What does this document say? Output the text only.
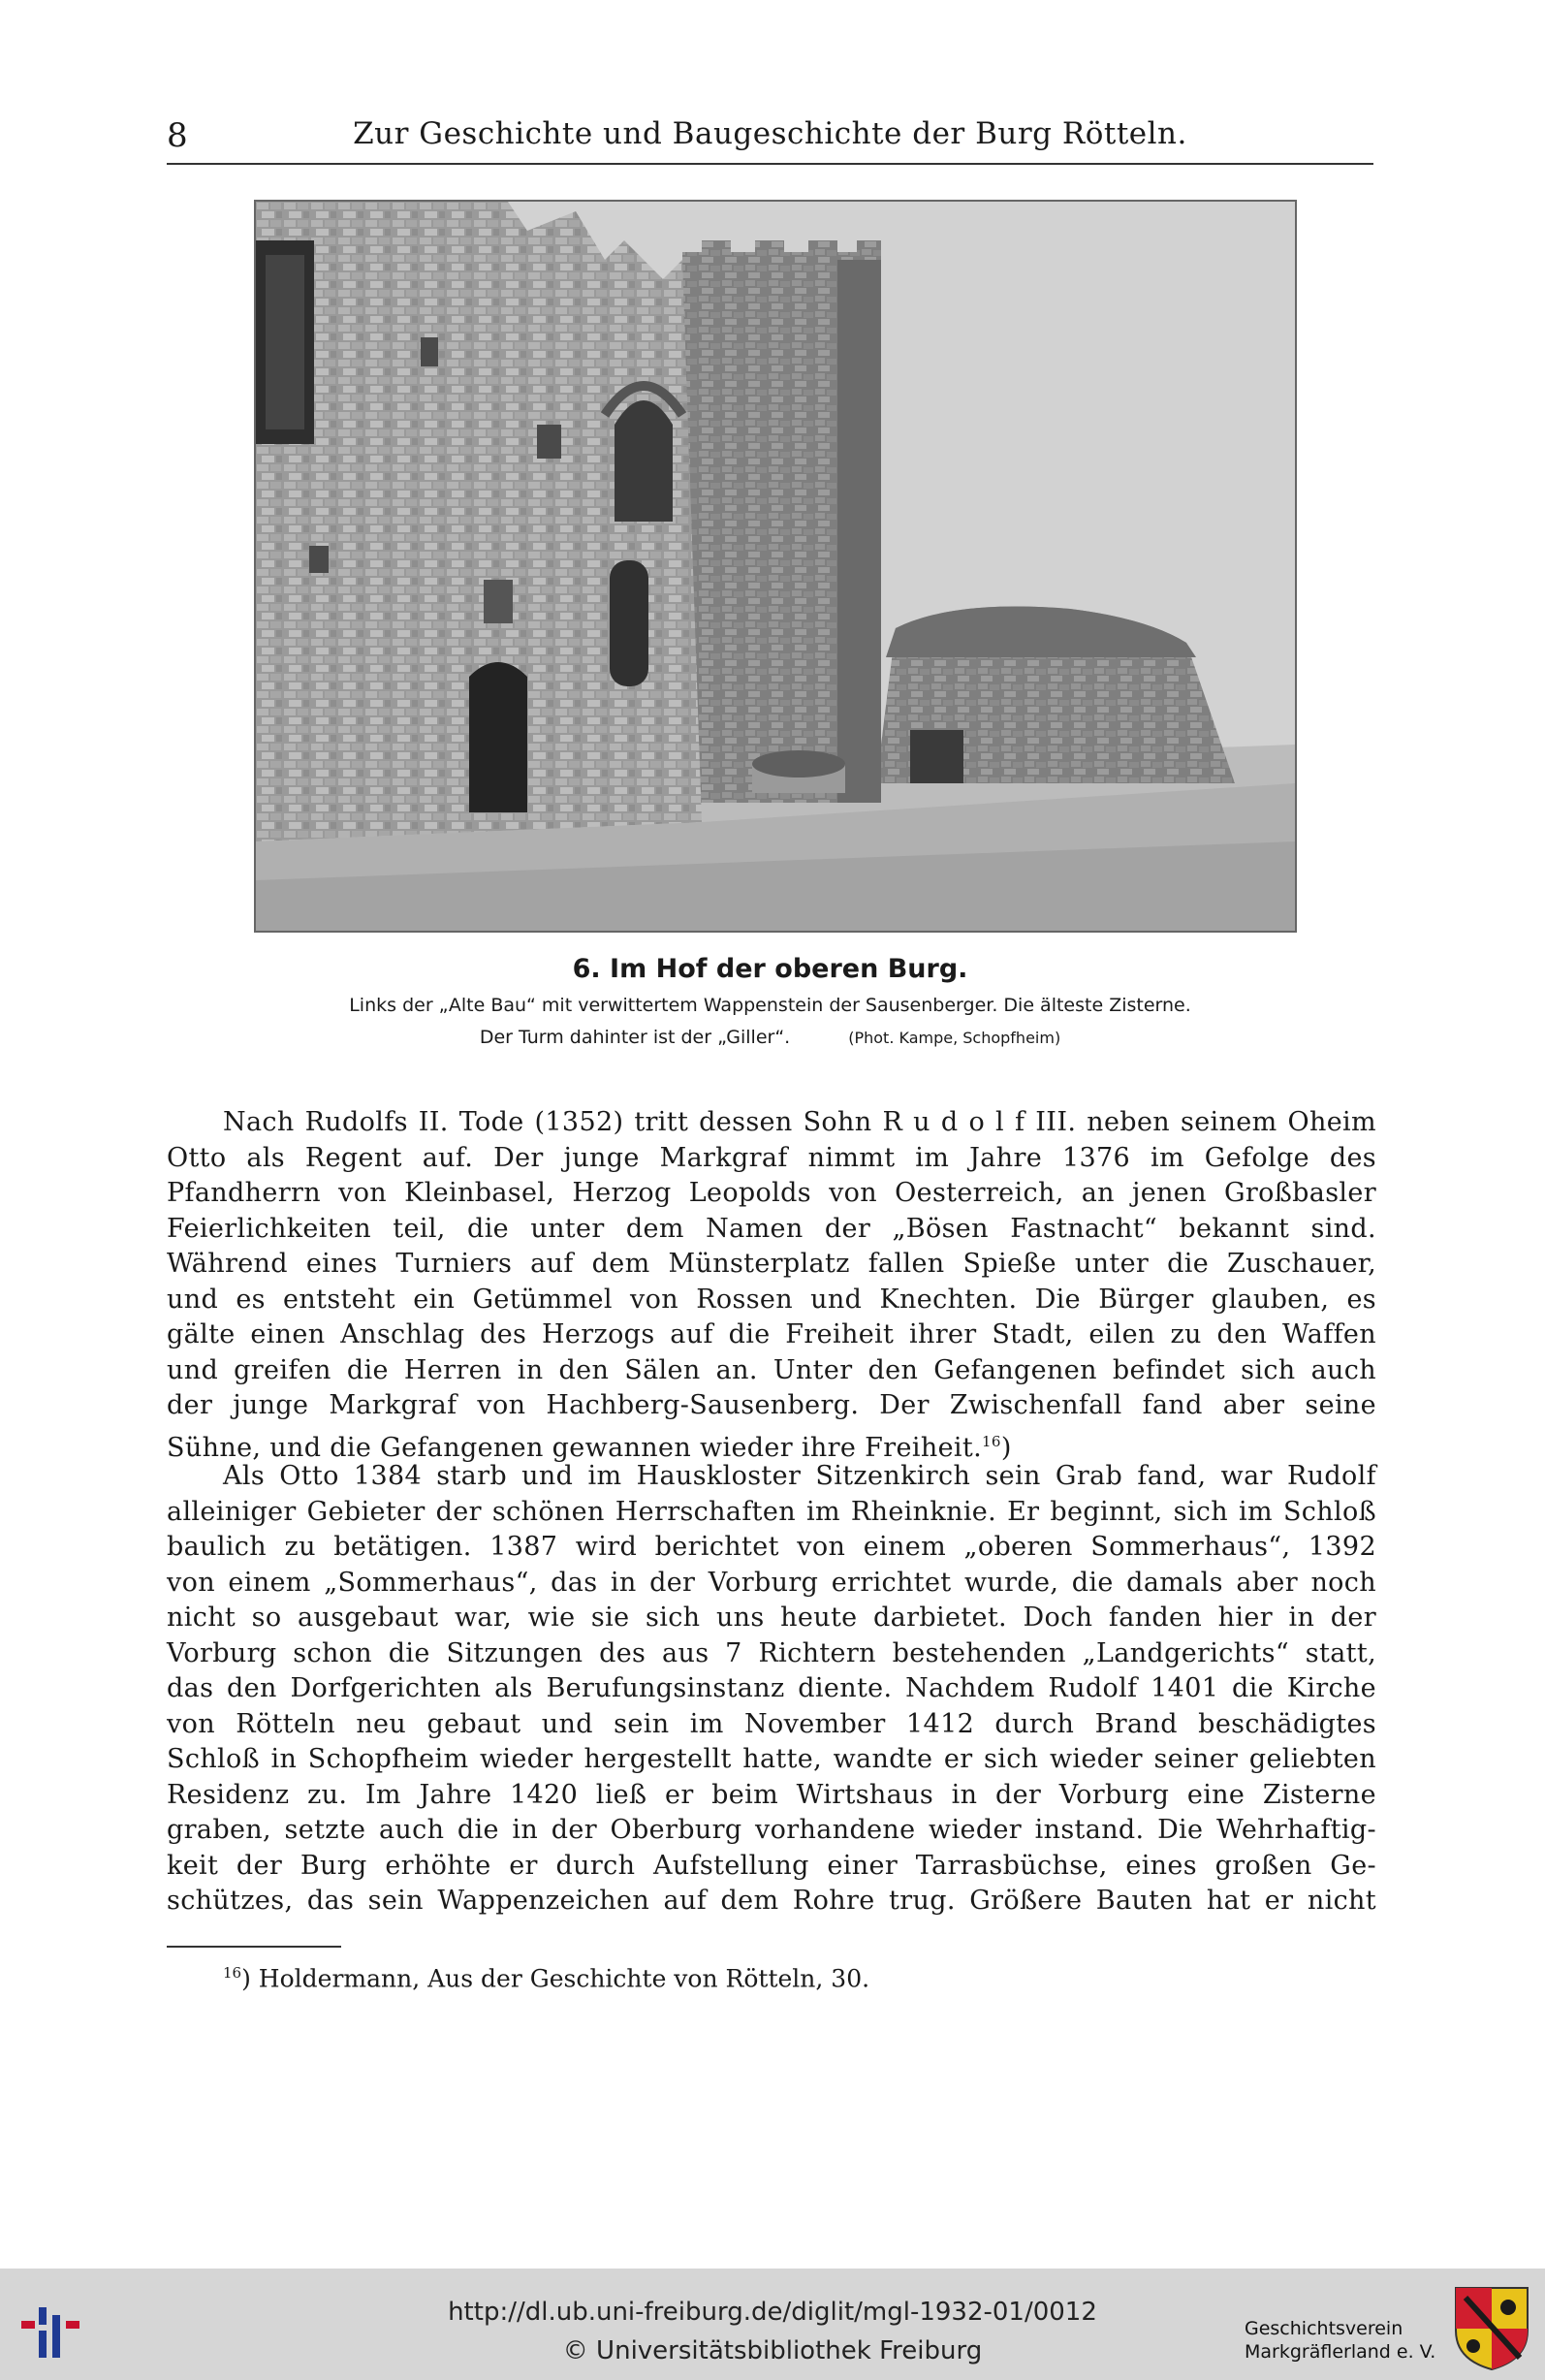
8	Zur Geschichte und Baugeschichte der Burg Rötteln.
6. Im Hof der oberen Burg.
Links der „Alte Bau“ mit verwittertem Wappenstein der Sausenberger. Die älteste Zisterne.
Der Turm dahinter ist der „Giller“.	(Phot. Kampe, Schopfheim)
Nach Rudolfs II. Tode (1352) tritt dessen Sohn R u d o l f III. neben seinem Oheim
Otto als Regent auf. Der junge Markgraf nimmt im Jahre 1376 im Gefolge des
Pfandherrn von Kleinbasel, Herzog Leopolds von Oesterreich, an jenen Großbasler
Feierlichkeiten teil, die unter dem Namen der „Bösen Fastnacht“ bekannt sind.
Während eines Turniers auf dem Münsterplatz fallen Spieße unter die Zuschauer,
und es entsteht ein Getümmel von Rossen und Knechten. Die Bürger glauben, es
gälte einen Anschlag des Herzogs auf die Freiheit ihrer Stadt, eilen zu den Waffen
und greifen die Herren in den Sälen an. Unter den Gefangenen befindet sich auch
der junge Markgraf von Hachberg-Sausenberg. Der Zwischenfall fand aber seine
Sühne, und die Gefangenen gewannen wieder ihre Freiheit.$^{16}$)
Als Otto 1384 starb und im Hauskloster Sitzenkirch sein Grab fand, war Rudolf
alleiniger Gebieter der schönen Herrschaften im Rheinknie. Er beginnt, sich im Schloß
baulich zu betätigen. 1387 wird berichtet von einem „oberen Sommerhaus“, 1392
von einem „Sommerhaus“, das in der Vorburg errichtet wurde, die damals aber noch
nicht so ausgebaut war, wie sie sich uns heute darbietet. Doch fanden hier in der
Vorburg schon die Sitzungen des aus 7 Richtern bestehenden „Landgerichts“ statt,
das den Dorfgerichten als Berufungsinstanz diente. Nachdem Rudolf 1401 die Kirche
von Rötteln neu gebaut und sein im November 1412 durch Brand beschädigtes
Schloß in Schopfheim wieder hergestellt hatte, wandte er sich wieder seiner geliebten
Residenz zu. Im Jahre 1420 ließ er beim Wirtshaus in der Vorburg eine Zisterne
graben, setzte auch die in der Oberburg vorhandene wieder instand. Die Wehrhaftig-
keit der Burg erhöhte er durch Aufstellung einer Tarrasbüchse, eines großen Ge-
schützes, das sein Wappenzeichen auf dem Rohre trug. Größere Bauten hat er nicht
$^{16}$) Holdermann, Aus der Geschichte von Rötteln, 30.
http://dl.ub.uni-freiburg.de/diglit/mgl-1932-01/0012
© Universitätsbibliothek Freiburg
Geschichtsverein
Markgräflerland e. V.
